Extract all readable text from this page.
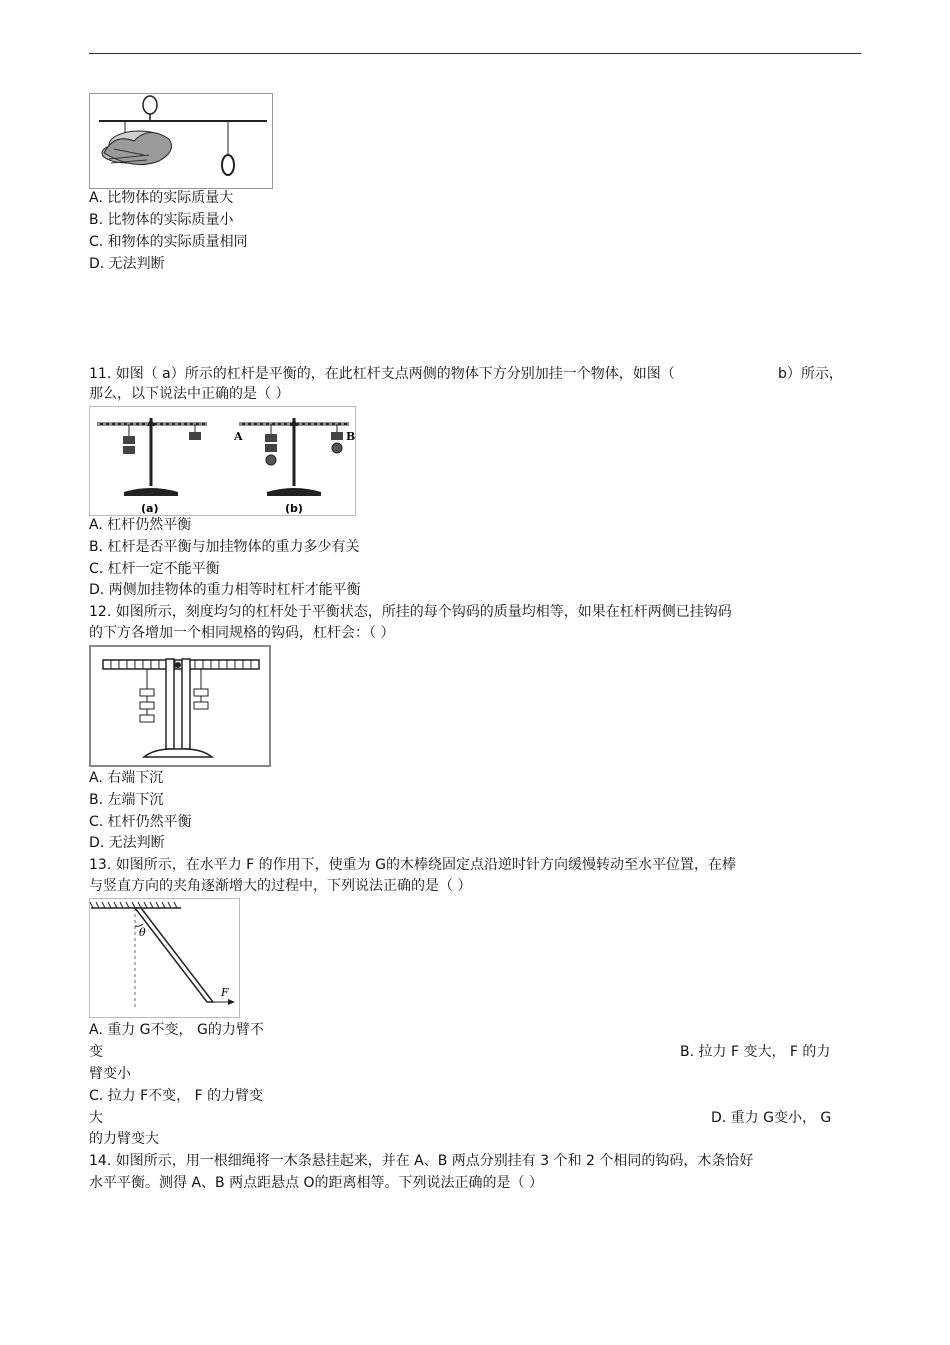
A. 比物体的实际质量大
B. 比物体的实际质量小
C. 和物体的实际质量相同
D. 无法判断
11. 如图（ a）所示的杠杆是平衡的，在此杠杆支点两侧的物体下方分别加挂一个物体，如图（	b）所示，
那么，以下说法中正确的是（ ）
(a)
A	B
(b)
A. 杠杆仍然平衡
B. 杠杆是否平衡与加挂物体的重力多少有关
C. 杠杆一定不能平衡
D. 两侧加挂物体的重力相等时杠杆才能平衡
12. 如图所示，刻度均匀的杠杆处于平衡状态，所挂的每个钩码的质量均相等，如果在杠杆两侧已挂钩码
的下方各增加一个相同规格的钩码，杠杆会：（ ）
A. 右端下沉
B. 左端下沉
C. 杠杆仍然平衡
D. 无法判断
13. 如图所示，在水平力 F 的作用下，使重为 G的木棒绕固定点沿逆时针方向缓慢转动至水平位置，在棒
与竖直方向的夹角逐渐增大的过程中，下列说法正确的是（ ）
θ
F
A. 重力 G不变， G的力臂不
变	B. 拉力 F 变大， F 的力
臂变小
C. 拉力 F不变， F 的力臂变
大	D. 重力 G变小， G
的力臂变大
14. 如图所示，用一根细绳将一木条悬挂起来，并在 A、B 两点分别挂有 3 个和 2 个相同的钩码，木条恰好
水平平衡。测得 A、B 两点距悬点 O的距离相等。下列说法正确的是（ ）
